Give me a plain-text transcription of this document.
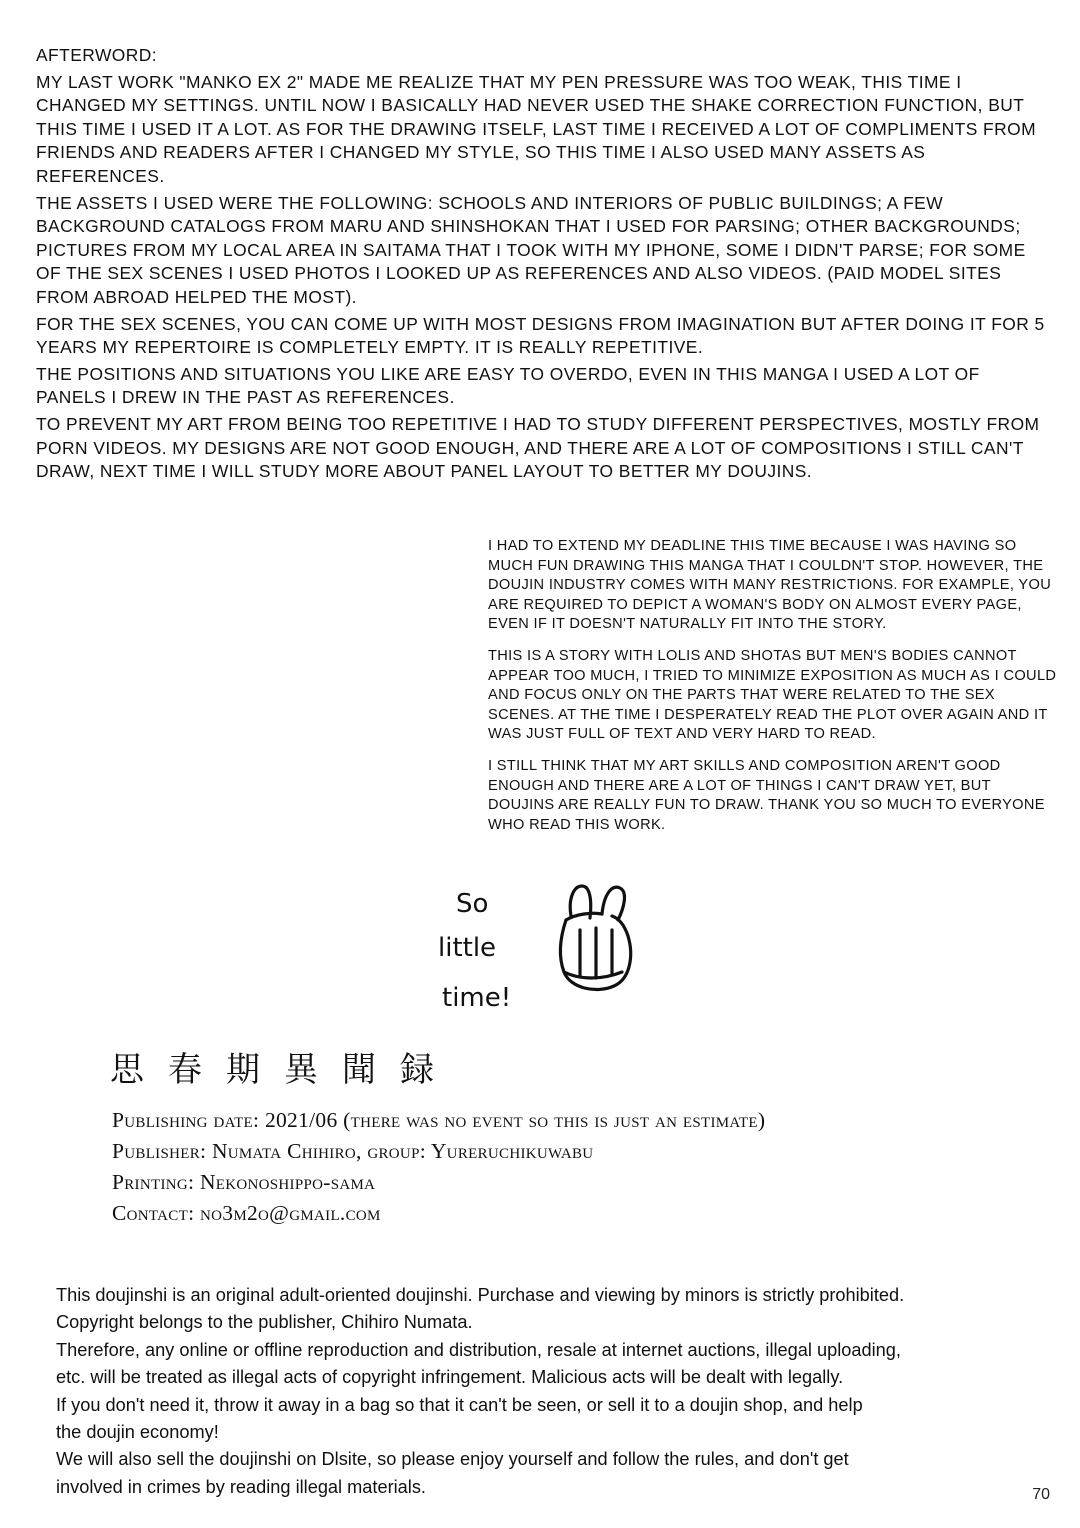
AFTERWORD:

MY LAST WORK "MANKO EX 2" MADE ME REALIZE THAT MY PEN PRESSURE WAS TOO WEAK, THIS TIME I CHANGED MY SETTINGS. UNTIL NOW I BASICALLY HAD NEVER USED THE SHAKE CORRECTION FUNCTION, BUT THIS TIME I USED IT A LOT. AS FOR THE DRAWING ITSELF, LAST TIME I RECEIVED A LOT OF COMPLIMENTS FROM FRIENDS AND READERS AFTER I CHANGED MY STYLE, SO THIS TIME I ALSO USED MANY ASSETS AS REFERENCES.

THE ASSETS I USED WERE THE FOLLOWING: SCHOOLS AND INTERIORS OF PUBLIC BUILDINGS; A FEW BACKGROUND CATALOGS FROM MARU AND SHINSHOKAN THAT I USED FOR PARSING; OTHER BACKGROUNDS; PICTURES FROM MY LOCAL AREA IN SAITAMA THAT I TOOK WITH MY IPHONE, SOME I DIDN'T PARSE; FOR SOME OF THE SEX SCENES I USED PHOTOS I LOOKED UP AS REFERENCES AND ALSO VIDEOS. (PAID MODEL SITES FROM ABROAD HELPED THE MOST).

FOR THE SEX SCENES, YOU CAN COME UP WITH MOST DESIGNS FROM IMAGINATION BUT AFTER DOING IT FOR 5 YEARS MY REPERTOIRE IS COMPLETELY EMPTY. IT IS REALLY REPETITIVE.

THE POSITIONS AND SITUATIONS YOU LIKE ARE EASY TO OVERDO, EVEN IN THIS MANGA I USED A LOT OF PANELS I DREW IN THE PAST AS REFERENCES.

TO PREVENT MY ART FROM BEING TOO REPETITIVE I HAD TO STUDY DIFFERENT PERSPECTIVES, MOSTLY FROM PORN VIDEOS. MY DESIGNS ARE NOT GOOD ENOUGH, AND THERE ARE A LOT OF COMPOSITIONS I STILL CAN'T DRAW, NEXT TIME I WILL STUDY MORE ABOUT PANEL LAYOUT TO BETTER MY DOUJINS.

I HAD TO EXTEND MY DEADLINE THIS TIME BECAUSE I WAS HAVING SO MUCH FUN DRAWING THIS MANGA THAT I COULDN'T STOP. HOWEVER, THE DOUJIN INDUSTRY COMES WITH MANY RESTRICTIONS. FOR EXAMPLE, YOU ARE REQUIRED TO DEPICT A WOMAN'S BODY ON ALMOST EVERY PAGE, EVEN IF IT DOESN'T NATURALLY FIT INTO THE STORY.

THIS IS A STORY WITH LOLIS AND SHOTAS BUT MEN'S BODIES CANNOT APPEAR TOO MUCH, I TRIED TO MINIMIZE EXPOSITION AS MUCH AS I COULD AND FOCUS ONLY ON THE PARTS THAT WERE RELATED TO THE SEX SCENES. AT THE TIME I DESPERATELY READ THE PLOT OVER AGAIN AND IT WAS JUST FULL OF TEXT AND VERY HARD TO READ.

I STILL THINK THAT MY ART SKILLS AND COMPOSITION AREN'T GOOD ENOUGH AND THERE ARE A LOT OF THINGS I CAN'T DRAW YET, BUT DOUJINS ARE REALLY FUN TO DRAW. THANK YOU SO MUCH TO EVERYONE WHO READ THIS WORK.

So
little
time!
思 春 期 異 聞 録

Publishing date: 2021/06 (there was no event so this is just an estimate)

Publisher: Numata Chihiro, group: Yureruchikuwabu

Printing: Nekonoshippo-sama

Contact: no3m2o@gmail.com

This doujinshi is an original adult-oriented doujinshi. Purchase and viewing by minors is strictly prohibited.

Copyright belongs to the publisher, Chihiro Numata.

Therefore, any online or offline reproduction and distribution, resale at internet auctions, illegal uploading,

etc. will be treated as illegal acts of copyright infringement. Malicious acts will be dealt with legally.

If you don't need it, throw it away in a bag so that it can't be seen, or sell it to a doujin shop, and help

the doujin economy!

We will also sell the doujinshi on Dlsite, so please enjoy yourself and follow the rules, and don't get

involved in crimes by reading illegal materials.	70
